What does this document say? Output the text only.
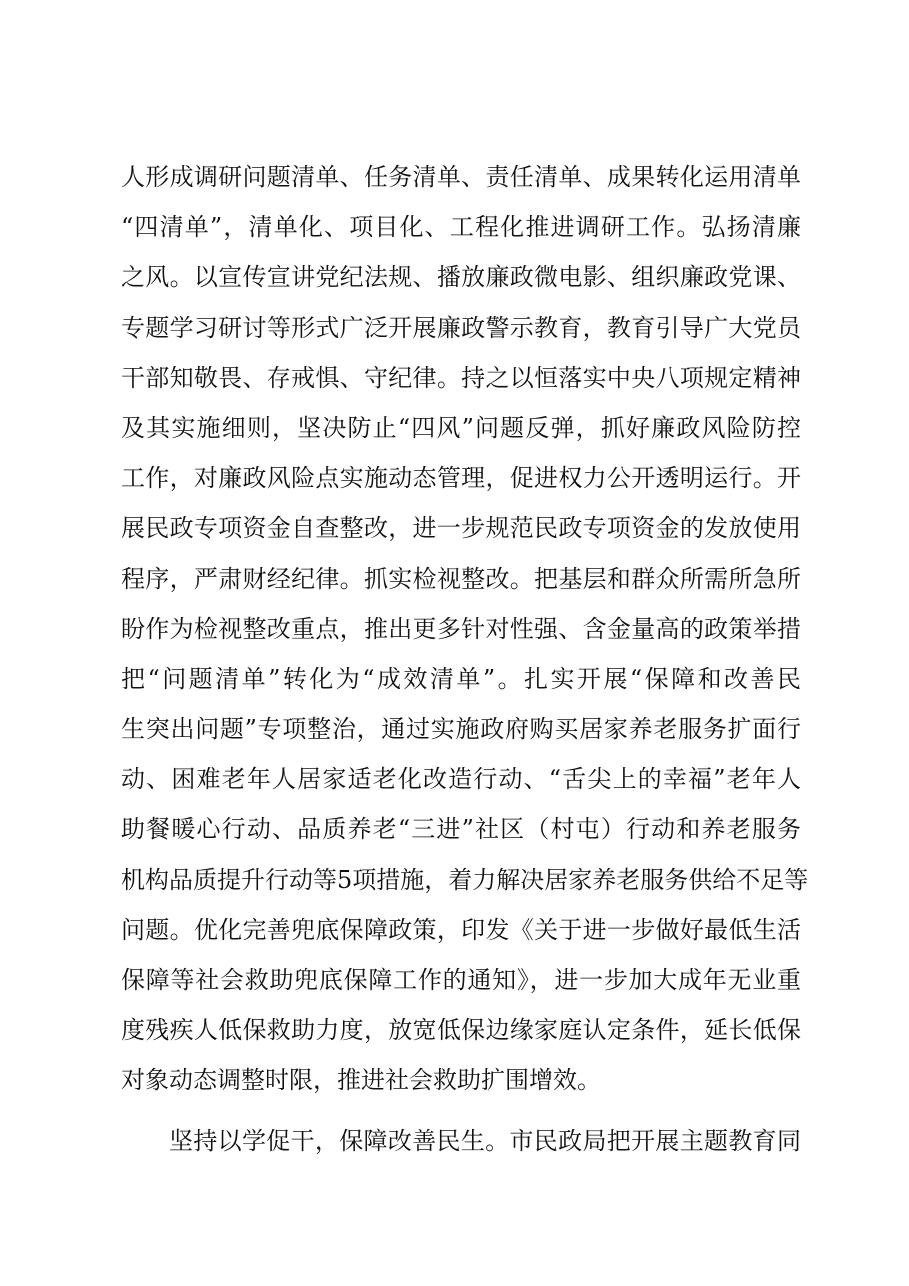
人形成调研问题清单、任务清单、责任清单、成果转化运用清单
“四清单”，清单化、项目化、工程化推进调研工作。弘扬清廉
之风。以宣传宣讲党纪法规、播放廉政微电影、组织廉政党课、
专题学习研讨等形式广泛开展廉政警示教育，教育引导广大党员
干部知敬畏、存戒惧、守纪律。持之以恒落实中央八项规定精神
及其实施细则，坚决防止“四风”问题反弹，抓好廉政风险防控
工作，对廉政风险点实施动态管理，促进权力公开透明运行。开
展民政专项资金自查整改，进一步规范民政专项资金的发放使用
程序，严肃财经纪律。抓实检视整改。把基层和群众所需所急所
盼作为检视整改重点，推出更多针对性强、含金量高的政策举措
把“问题清单”转化为“成效清单”。扎实开展“保障和改善民
生突出问题”专项整治，通过实施政府购买居家养老服务扩面行
动、困难老年人居家适老化改造行动、“舌尖上的幸福”老年人
助餐暖心行动、品质养老“三进”社区（村屯）行动和养老服务
机构品质提升行动等5项措施，着力解决居家养老服务供给不足等
问题。优化完善兜底保障政策，印发《关于进一步做好最低生活
保障等社会救助兜底保障工作的通知》，进一步加大成年无业重
度残疾人低保救助力度，放宽低保边缘家庭认定条件，延长低保
对象动态调整时限，推进社会救助扩围增效。
坚持以学促干，保障改善民生。市民政局把开展主题教育同
